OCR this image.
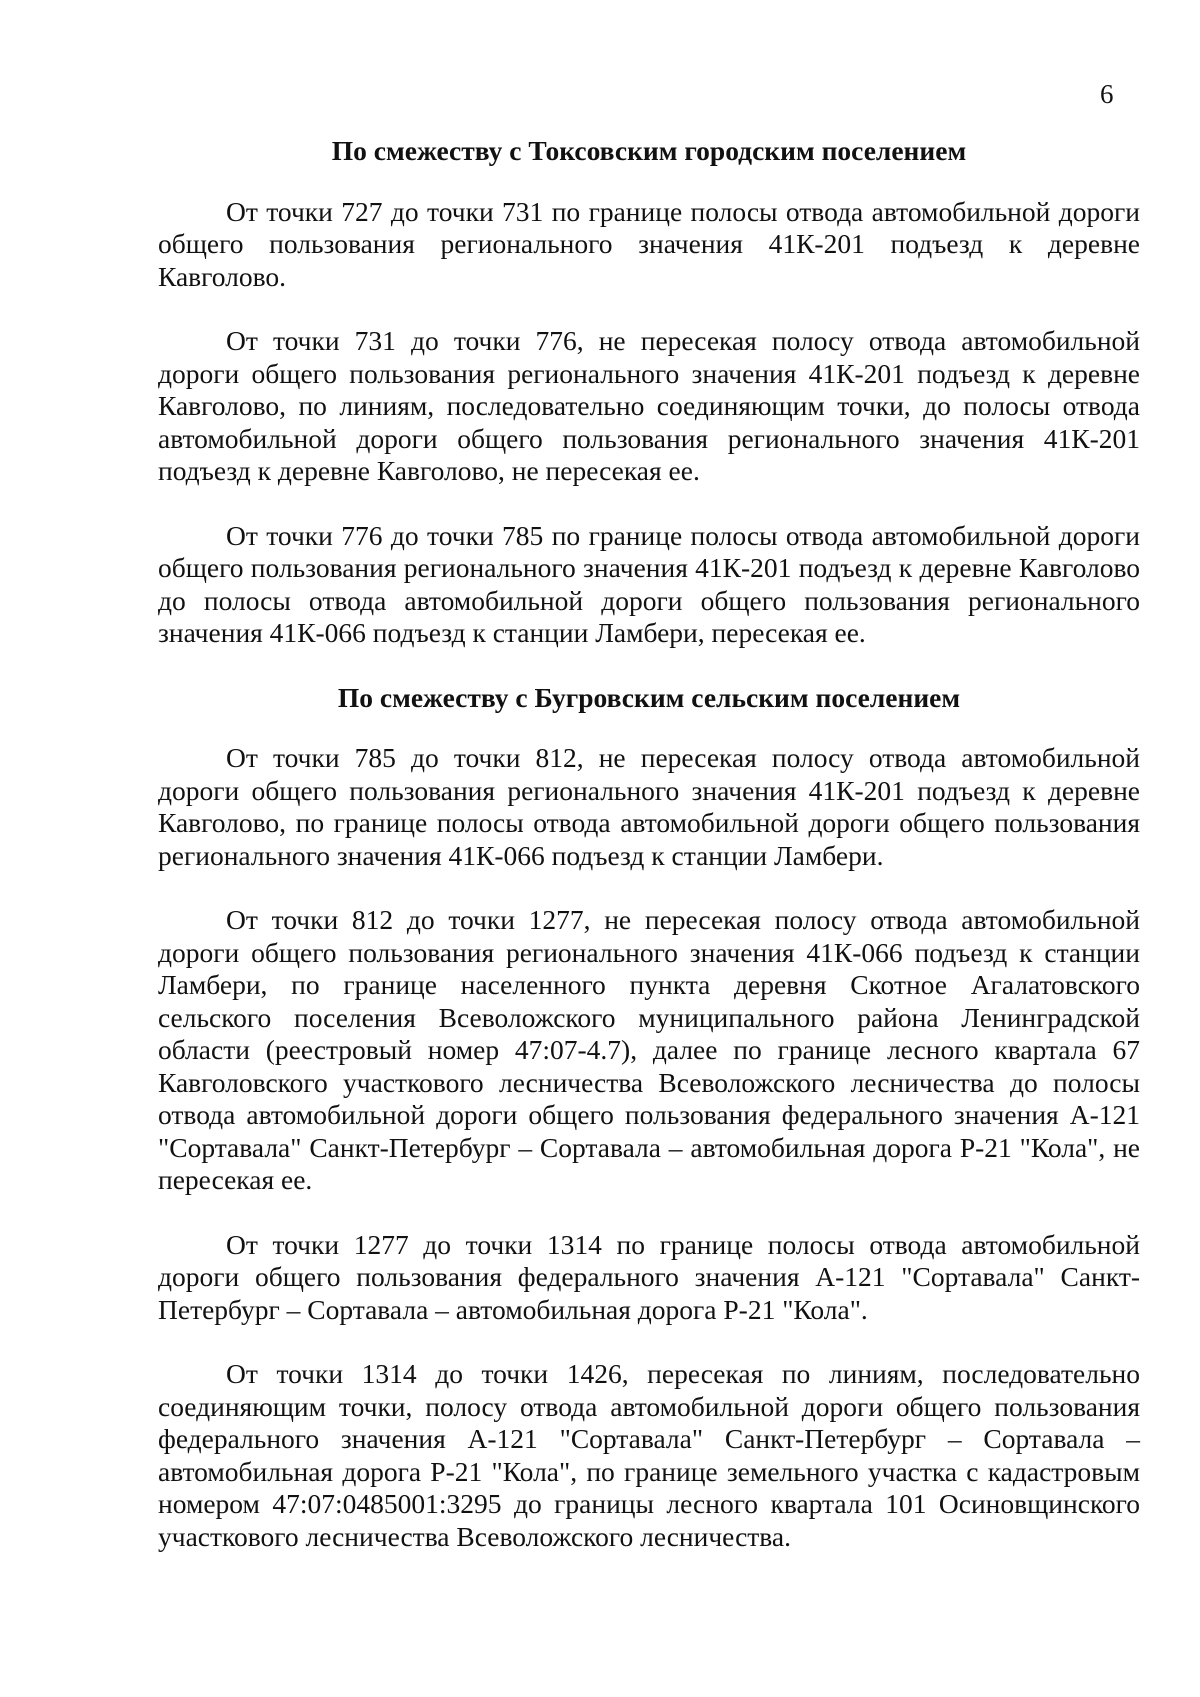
6

По смежеству с Токсовским городским поселением

От точки 727 до точки 731 по границе полосы отвода автомобильной дороги общего пользования регионального значения 41К-201 подъезд к деревне Кавголово.

От точки 731 до точки 776, не пересекая полосу отвода автомобильной дороги общего пользования регионального значения 41К-201 подъезд к деревне Кавголово, по линиям, последовательно соединяющим точки, до полосы отвода автомобильной дороги общего пользования регионального значения 41К-201 подъезд к деревне Кавголово, не пересекая ее.

От точки 776 до точки 785 по границе полосы отвода автомобильной дороги общего пользования регионального значения 41К-201 подъезд к деревне Кавголово до полосы отвода автомобильной дороги общего пользования регионального значения 41К-066 подъезд к станции Ламбери, пересекая ее.

По смежеству с Бугровским сельским поселением

От точки 785 до точки 812, не пересекая полосу отвода автомобильной дороги общего пользования регионального значения 41К-201 подъезд к деревне Кавголово, по границе полосы отвода автомобильной дороги общего пользования регионального значения 41К-066 подъезд к станции Ламбери.

От точки 812 до точки 1277, не пересекая полосу отвода автомобильной дороги общего пользования регионального значения 41К-066 подъезд к станции Ламбери, по границе населенного пункта деревня Скотное Агалатовского сельского поселения Всеволожского муниципального района Ленинградской области (реестровый номер 47:07-4.7), далее по границе лесного квартала 67 Кавголовского участкового лесничества Всеволожского лесничества до полосы отвода автомобильной дороги общего пользования федерального значения А-121 "Сортавала" Санкт-Петербург – Сортавала – автомобильная дорога Р-21 "Кола", не пересекая ее.

От точки 1277 до точки 1314 по границе полосы отвода автомобильной дороги общего пользования федерального значения А-121 "Сортавала" Санкт-Петербург – Сортавала – автомобильная дорога Р-21 "Кола".

От точки 1314 до точки 1426, пересекая по линиям, последовательно соединяющим точки, полосу отвода автомобильной дороги общего пользования федерального значения А-121 "Сортавала" Санкт-Петербург – Сортавала – автомобильная дорога Р-21 "Кола", по границе земельного участка с кадастровым номером 47:07:0485001:3295 до границы лесного квартала 101 Осиновщинского участкового лесничества Всеволожского лесничества.
